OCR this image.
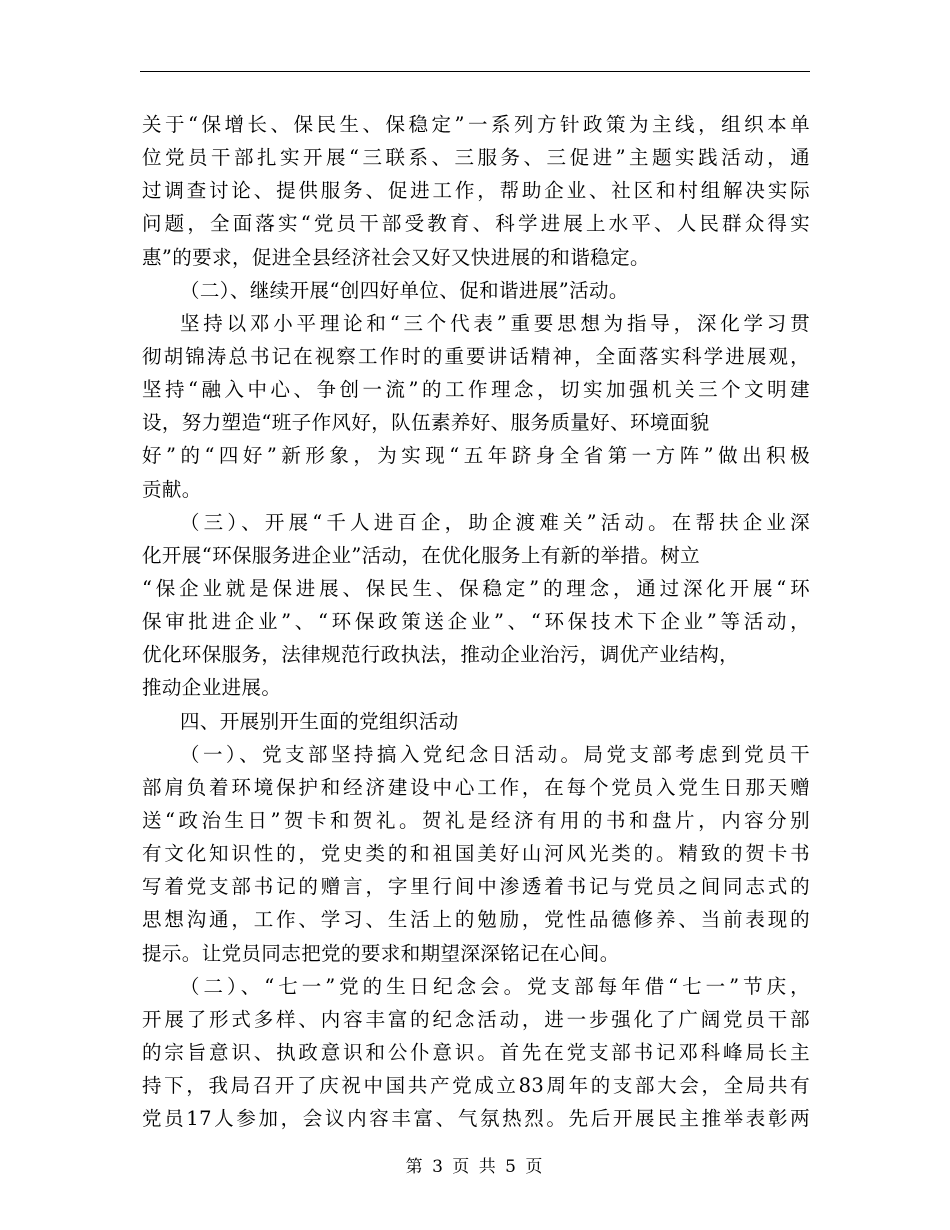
关于“保增长、保民生、保稳定”一系列方针政策为主线，组织本单
位党员干部扎实开展“三联系、三服务、三促进”主题实践活动，通
过调查讨论、提供服务、促进工作，帮助企业、社区和村组解决实际
问题，全面落实“党员干部受教育、科学进展上水平、人民群众得实
惠”的要求，促进全县经济社会又好又快进展的和谐稳定。
（二）、继续开展“创四好单位、促和谐进展”活动。
坚持以邓小平理论和“三个代表”重要思想为指导，深化学习贯
彻胡锦涛总书记在视察工作时的重要讲话精神，全面落实科学进展观，
坚持“融入中心、争创一流”的工作理念，切实加强机关三个文明建
设，努力塑造“班子作风好，队伍素养好、服务质量好、环境面貌
好”的“四好”新形象，为实现“五年跻身全省第一方阵”做出积极
贡献。
（三）、开展“千人进百企，助企渡难关”活动。在帮扶企业深
化开展“环保服务进企业”活动，在优化服务上有新的举措。树立
“保企业就是保进展、保民生、保稳定”的理念，通过深化开展“环
保审批进企业”、“环保政策送企业”、“环保技术下企业”等活动，
优化环保服务，法律规范行政执法，推动企业治污，调优产业结构，
推动企业进展。
四、开展别开生面的党组织活动
（一）、党支部坚持搞入党纪念日活动。局党支部考虑到党员干
部肩负着环境保护和经济建设中心工作，在每个党员入党生日那天赠
送“政治生日”贺卡和贺礼。贺礼是经济有用的书和盘片，内容分别
有文化知识性的，党史类的和祖国美好山河风光类的。精致的贺卡书
写着党支部书记的赠言，字里行间中渗透着书记与党员之间同志式的
思想沟通，工作、学习、生活上的勉励，党性品德修养、当前表现的
提示。让党员同志把党的要求和期望深深铭记在心间。
（二）、“七一”党的生日纪念会。党支部每年借“七一”节庆，
开展了形式多样、内容丰富的纪念活动，进一步强化了广阔党员干部
的宗旨意识、执政意识和公仆意识。首先在党支部书记邓科峰局长主
持下，我局召开了庆祝中国共产党成立83周年的支部大会，全局共有
党员17人参加，会议内容丰富、气氛热烈。先后开展民主推举表彰两
第 3 页 共 5 页
